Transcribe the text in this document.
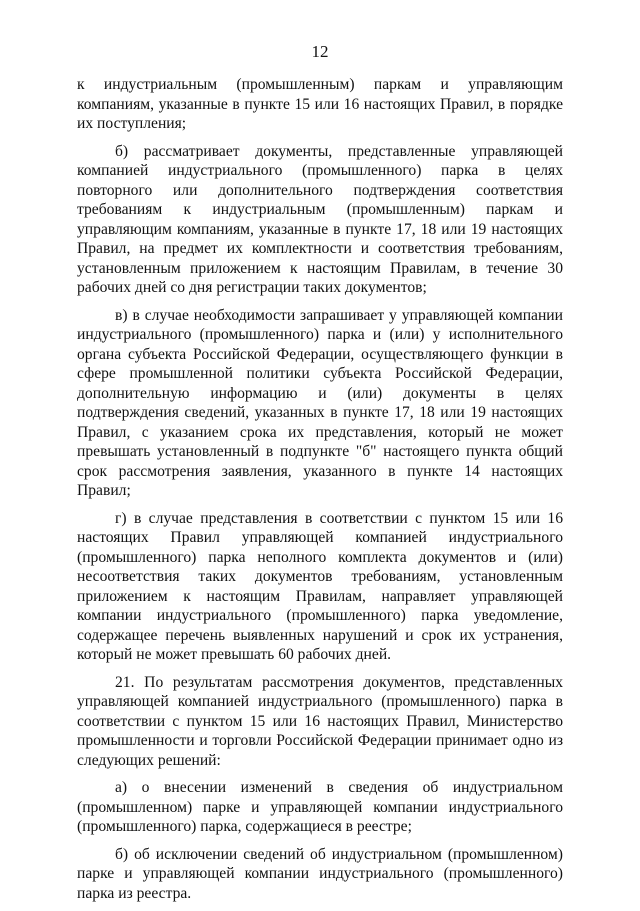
12

к индустриальным (промышленным) паркам и управляющим компаниям, указанные в пункте 15 или 16 настоящих Правил, в порядке их поступления;

б) рассматривает документы, представленные управляющей компанией индустриального (промышленного) парка в целях повторного или дополнительного подтверждения соответствия требованиям к индустриальным (промышленным) паркам и управляющим компаниям, указанные в пункте 17, 18 или 19 настоящих Правил, на предмет их комплектности и соответствия требованиям, установленным приложением к настоящим Правилам, в течение 30 рабочих дней со дня регистрации таких документов;

в) в случае необходимости запрашивает у управляющей компании индустриального (промышленного) парка и (или) у исполнительного органа субъекта Российской Федерации, осуществляющего функции в сфере промышленной политики субъекта Российской Федерации, дополнительную информацию и (или) документы в целях подтверждения сведений, указанных в пункте 17, 18 или 19 настоящих Правил, с указанием срока их представления, который не может превышать установленный в подпункте "б" настоящего пункта общий срок рассмотрения заявления, указанного в пункте 14 настоящих Правил;

г) в случае представления в соответствии с пунктом 15 или 16 настоящих Правил управляющей компанией индустриального (промышленного) парка неполного комплекта документов и (или) несоответствия таких документов требованиям, установленным приложением к настоящим Правилам, направляет управляющей компании индустриального (промышленного) парка уведомление, содержащее перечень выявленных нарушений и срок их устранения, который не может превышать 60 рабочих дней.

21. По результатам рассмотрения документов, представленных управляющей компанией индустриального (промышленного) парка в соответствии с пунктом 15 или 16 настоящих Правил, Министерство промышленности и торговли Российской Федерации принимает одно из следующих решений:

а) о внесении изменений в сведения об индустриальном (промышленном) парке и управляющей компании индустриального (промышленного) парка, содержащиеся в реестре;

б) об исключении сведений об индустриальном (промышленном) парке и управляющей компании индустриального (промышленного) парка из реестра.
